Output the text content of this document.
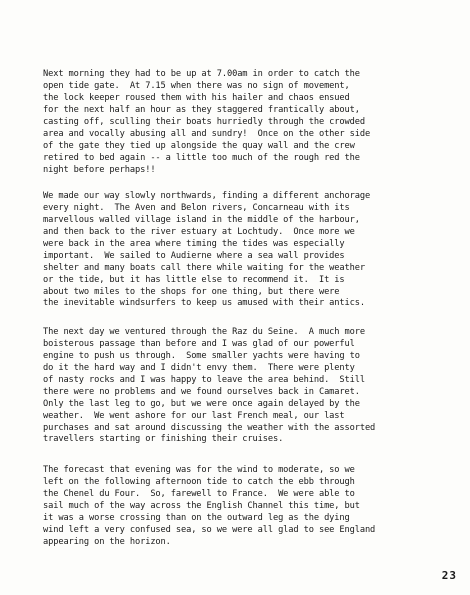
Next morning they had to be up at 7.00am in order to catch the
open tide gate.  At 7.15 when there was no sign of movement,
the lock keeper roused them with his hailer and chaos ensued
for the next half an hour as they staggered frantically about,
casting off, sculling their boats hurriedly through the crowded
area and vocally abusing all and sundry!  Once on the other side
of the gate they tied up alongside the quay wall and the crew
retired to bed again -- a little too much of the rough red the
night before perhaps!!
We made our way slowly northwards, finding a different anchorage
every night.  The Aven and Belon rivers, Concarneau with its
marvellous walled village island in the middle of the harbour,
and then back to the river estuary at Lochtudy.  Once more we
were back in the area where timing the tides was especially
important.  We sailed to Audierne where a sea wall provides
shelter and many boats call there while waiting for the weather
or the tide, but it has little else to recommend it.  It is
about two miles to the shops for one thing, but there were
the inevitable windsurfers to keep us amused with their antics.
The next day we ventured through the Raz du Seine.  A much more
boisterous passage than before and I was glad of our powerful
engine to push us through.  Some smaller yachts were having to
do it the hard way and I didn't envy them.  There were plenty
of nasty rocks and I was happy to leave the area behind.  Still
there were no problems and we found ourselves back in Camaret.
Only the last leg to go, but we were once again delayed by the
weather.  We went ashore for our last French meal, our last
purchases and sat around discussing the weather with the assorted
travellers starting or finishing their cruises.
The forecast that evening was for the wind to moderate, so we
left on the following afternoon tide to catch the ebb through
the Chenel du Four.  So, farewell to France.  We were able to
sail much of the way across the English Channel this time, but
it was a worse crossing than on the outward leg as the dying
wind left a very confused sea, so we were all glad to see England
appearing on the horizon.
23
